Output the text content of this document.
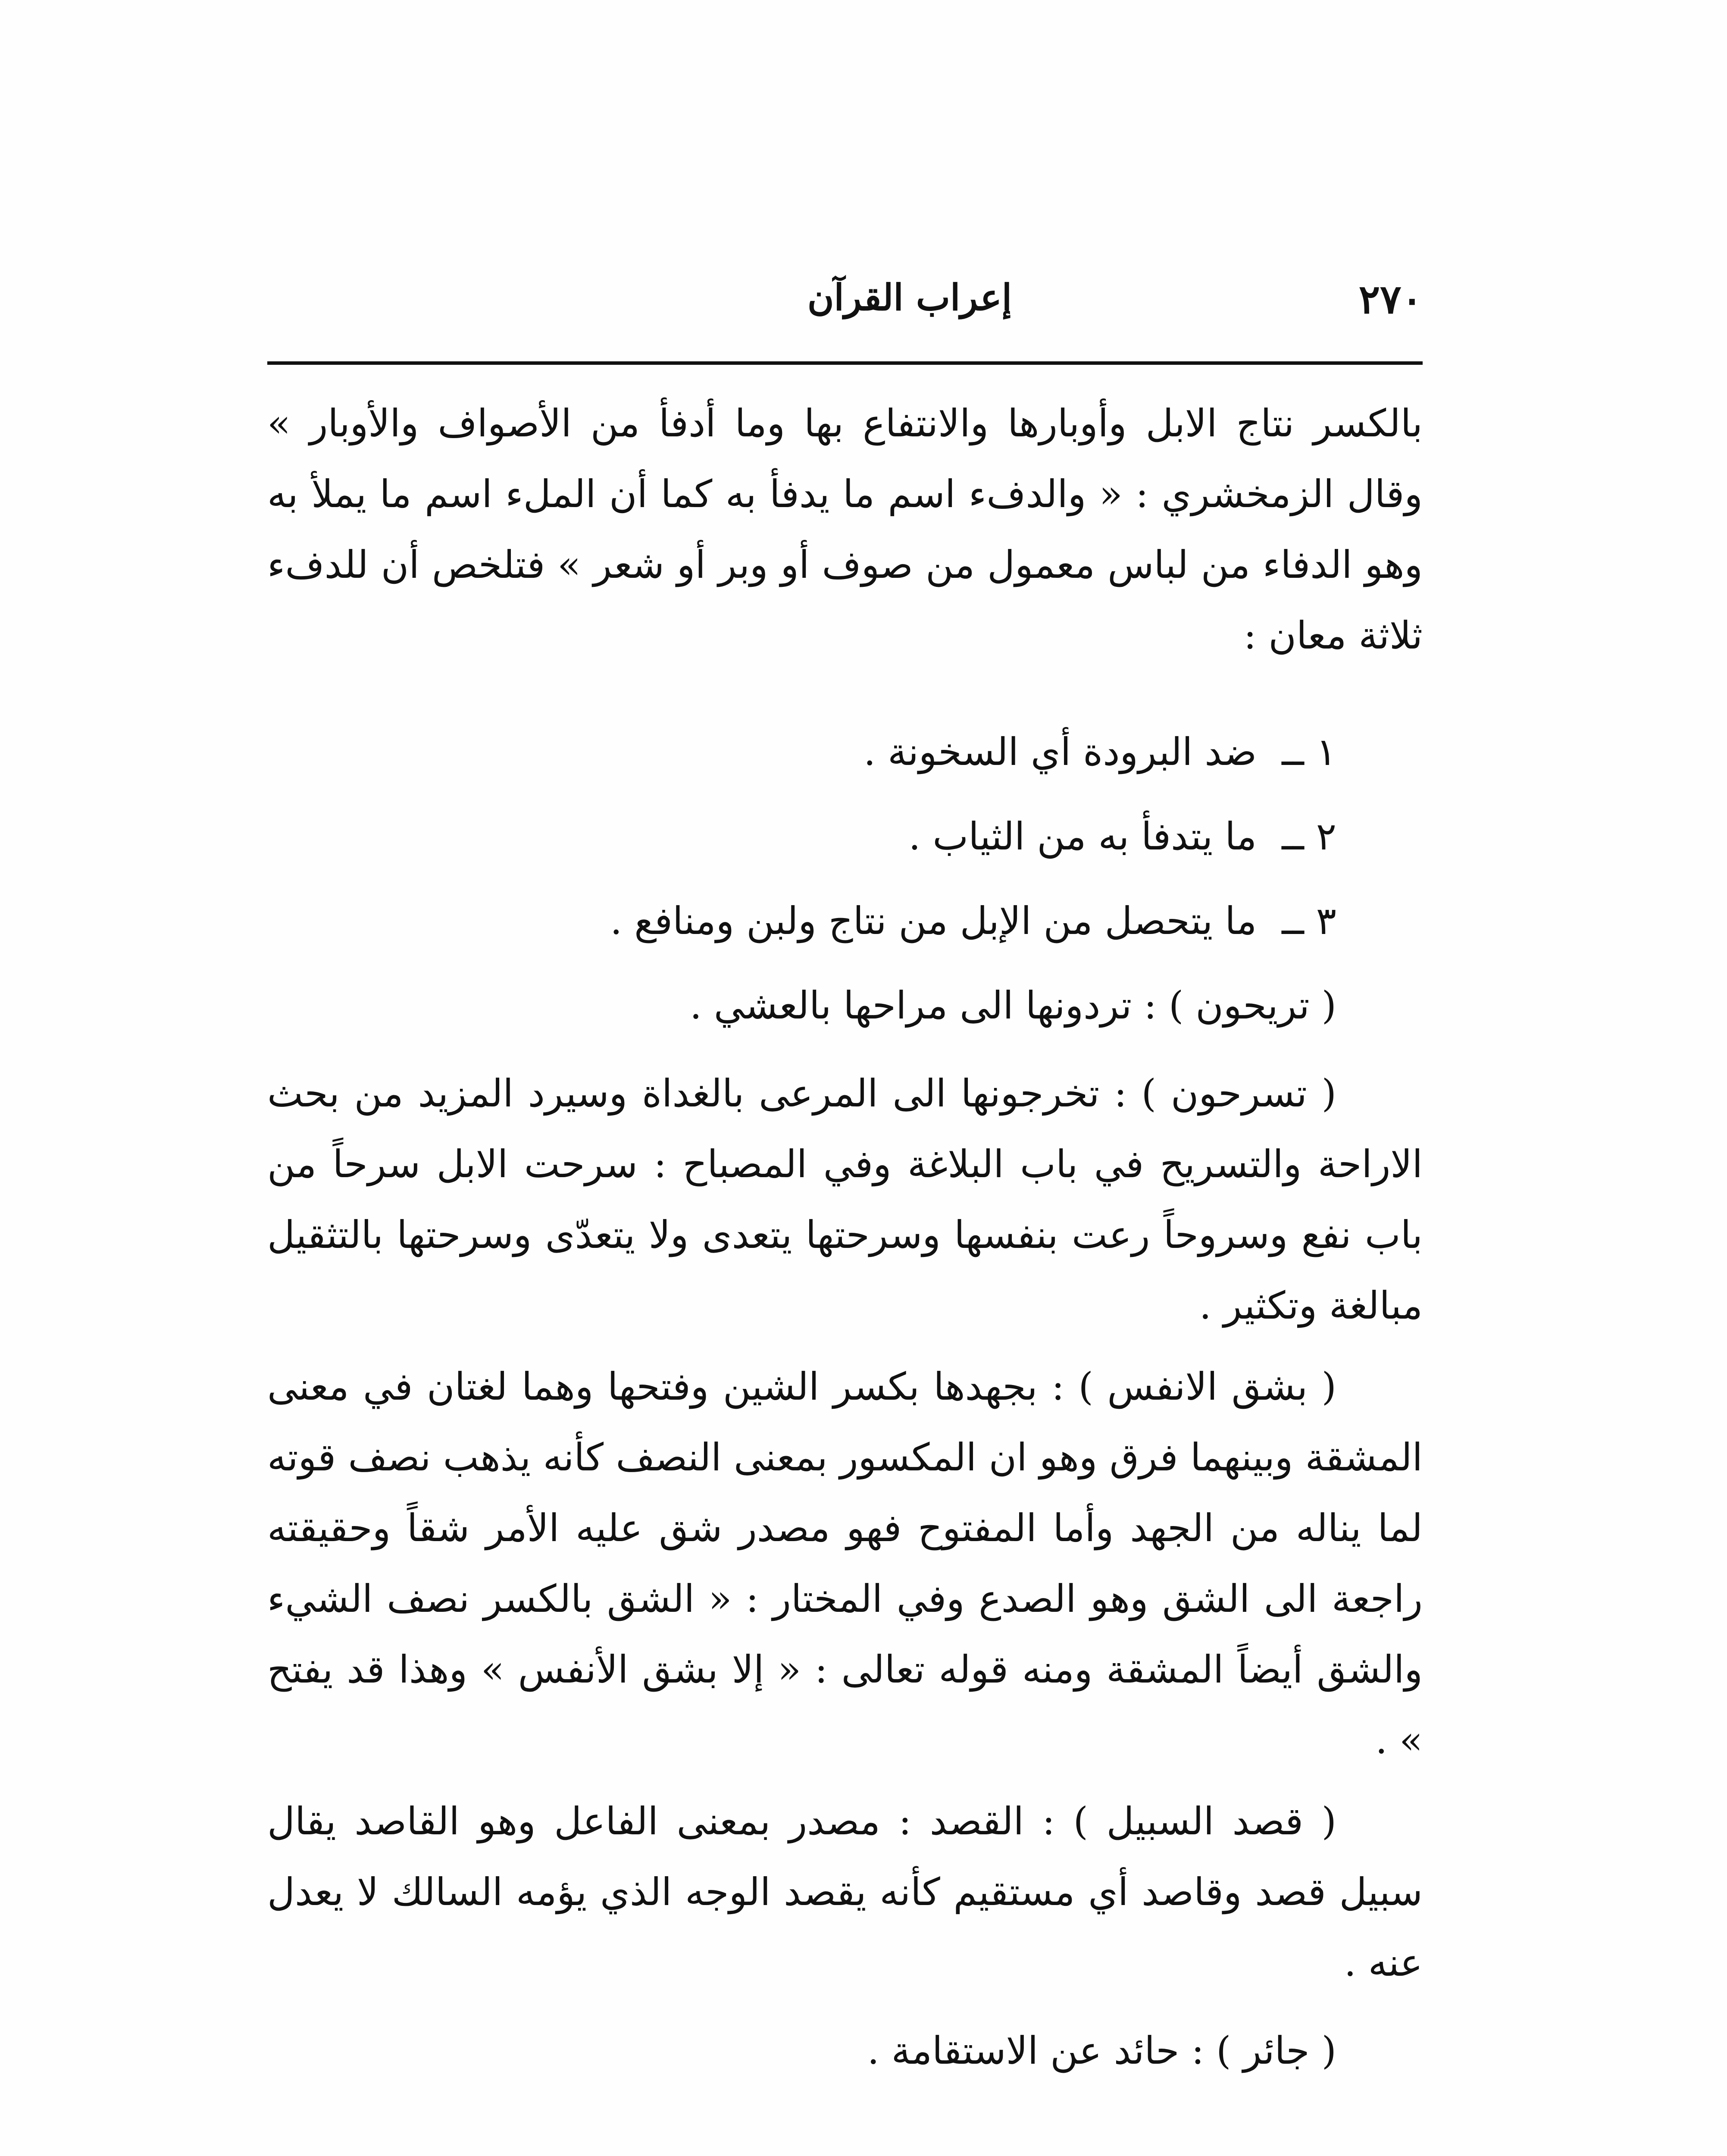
٢٧٠
إعراب القرآن

بالكسر نتاج الابل وأوبارها والانتفاع بها وما أدفأ من الأصواف والأوبار » وقال الزمخشري : « والدفء اسم ما يدفأ به كما أن الملء اسم ما يملأ به وهو الدفاء من لباس معمول من صوف أو وبر أو شعر » فتلخص أن للدفء ثلاثة معان :

١ ــ ضد البرودة أي السخونة .

٢ ــ ما يتدفأ به من الثياب .

٣ ــ ما يتحصل من الإبل من نتاج ولبن ومنافع .

( تريحون ) : تردونها الى مراحها بالعشي .

( تسرحون ) : تخرجونها الى المرعى بالغداة وسيرد المزيد من بحث الاراحة والتسريح في باب البلاغة وفي المصباح : سرحت الابل سرحاً من باب نفع وسروحاً رعت بنفسها وسرحتها يتعدى ولا يتعدّى وسرحتها بالتثقيل مبالغة وتكثير .

( بشق الانفس ) : بجهدها بكسر الشين وفتحها وهما لغتان في معنى المشقة وبينهما فرق وهو ان المكسور بمعنى النصف كأنه يذهب نصف قوته لما يناله من الجهد وأما المفتوح فهو مصدر شق عليه الأمر شقاً وحقيقته راجعة الى الشق وهو الصدع وفي المختار : « الشق بالكسر نصف الشيء والشق أيضاً المشقة ومنه قوله تعالى : « إلا بشق الأنفس » وهذا قد يفتح » .

( قصد السبيل ) : القصد : مصدر بمعنى الفاعل وهو القاصد يقال سبيل قصد وقاصد أي مستقيم كأنه يقصد الوجه الذي يؤمه السالك لا يعدل عنه .

( جائر ) : حائد عن الاستقامة .
